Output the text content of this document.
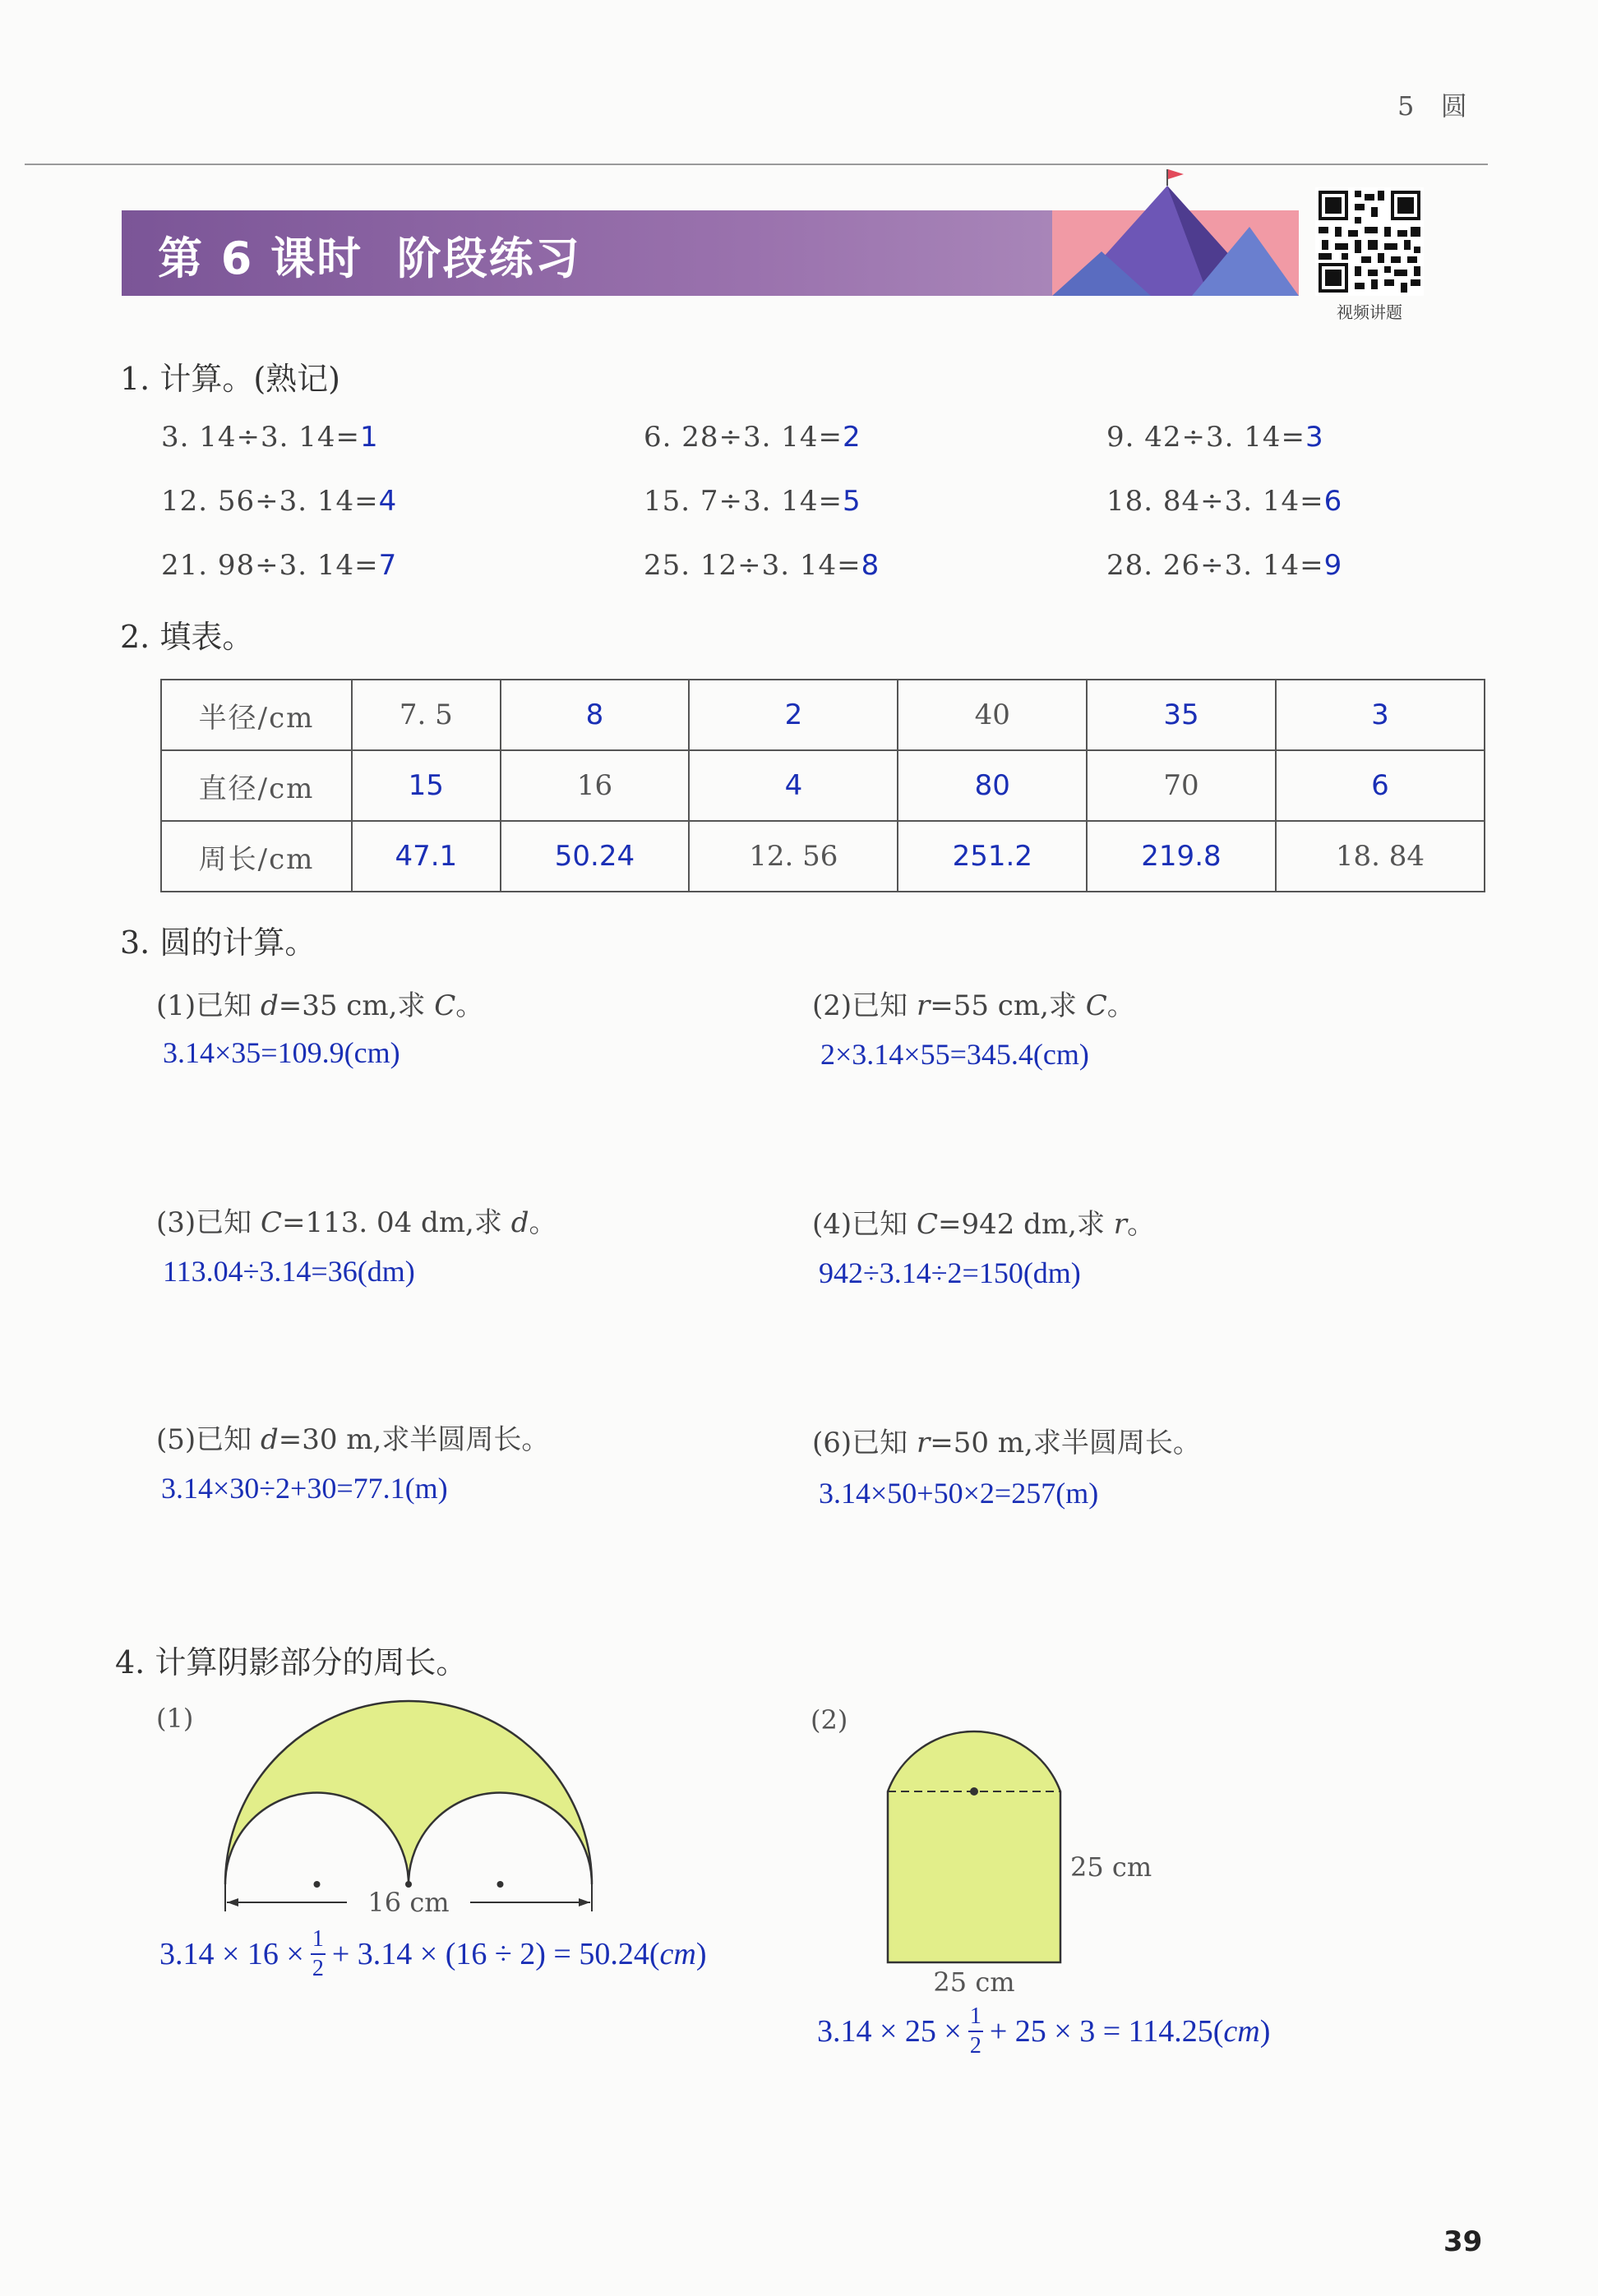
5  圆
第 6 课时  阶段练习
视频讲题
1. 计算。(熟记)
3. 14÷3. 14=1	6. 28÷3. 14=2	9. 42÷3. 14=3
12. 56÷3. 14=4	15. 7÷3. 14=5	18. 84÷3. 14=6
21. 98÷3. 14=7	25. 12÷3. 14=8	28. 26÷3. 14=9
2. 填表。
半径/cm	7. 5	8	2	40	35	3
直径/cm	15	16	4	80	70	6
周长/cm	47.1	50.24	12. 56	251.2	219.8	18. 84
3. 圆的计算。
(1)已知 d=35 cm,求 C。
3.14×35=109.9(cm)
(2)已知 r=55 cm,求 C。
2×3.14×55=345.4(cm)
(3)已知 C=113. 04 dm,求 d。
113.04÷3.14=36(dm)
(4)已知 C=942 dm,求 r。
942÷3.14÷2=150(dm)
(5)已知 d=30 m,求半圆周长。
3.14×30÷2+30=77.1(m)
(6)已知 r=50 m,求半圆周长。
3.14×50+50×2=257(m)
4. 计算阴影部分的周长。
(1)
16 cm
$3.14 \times 16 \times \frac{1}{2} + 3.14 \times (16 \div 2) = 50.24$( cm )
(2)
25 cm
25 cm
$3.14 \times 25 \times \frac{1}{2} + 25 \times 3 = 114.25$( cm )
39
